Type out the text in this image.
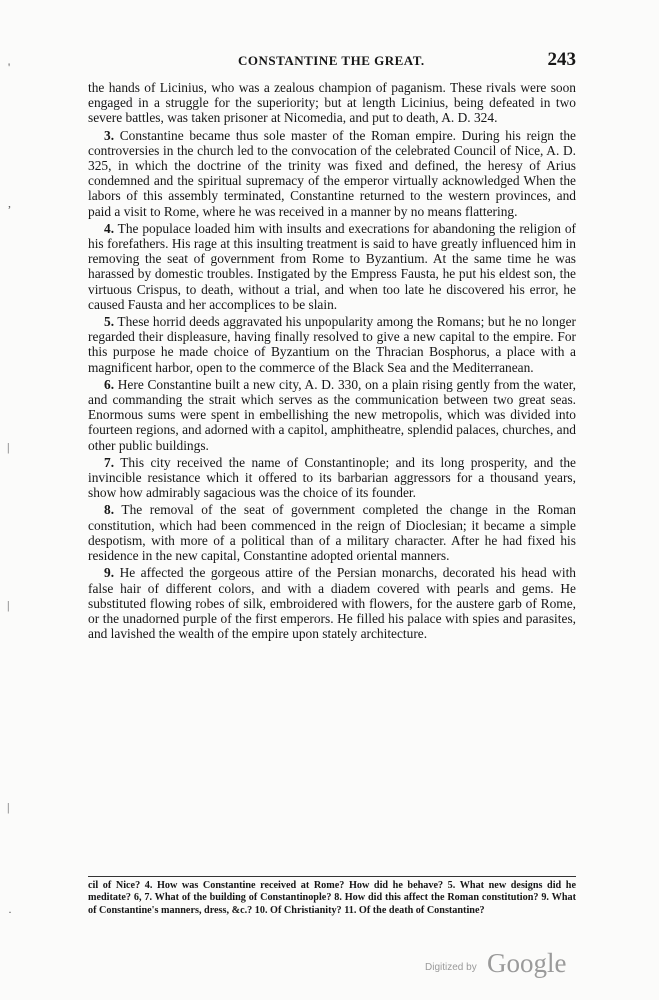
'
,
|
|
|
·
CONSTANTINE THE GREAT.	243

the hands of Licinius, who was a zealous champion of paganism. These rivals were soon engaged in a struggle for the superiority; but at length Licinius, being defeated in two severe battles, was taken prisoner at Nicomedia, and put to death, A. D. 324.

3. Constantine became thus sole master of the Roman empire. During his reign the controversies in the church led to the convocation of the celebrated Council of Nice, A. D. 325, in which the doctrine of the trinity was fixed and defined, the heresy of Arius condemned and the spiritual supremacy of the emperor virtually acknowledged When the labors of this assembly terminated, Constantine returned to the western provinces, and paid a visit to Rome, where he was received in a manner by no means flattering.

4. The populace loaded him with insults and execrations for abandoning the religion of his forefathers. His rage at this insulting treatment is said to have greatly influenced him in removing the seat of government from Rome to Byzantium. At the same time he was harassed by domestic troubles. Instigated by the Empress Fausta, he put his eldest son, the virtuous Crispus, to death, without a trial, and when too late he discovered his error, he caused Fausta and her accomplices to be slain.

5. These horrid deeds aggravated his unpopularity among the Romans; but he no longer regarded their displeasure, having finally resolved to give a new capital to the empire. For this purpose he made choice of Byzantium on the Thracian Bosphorus, a place with a magnificent harbor, open to the commerce of the Black Sea and the Mediterranean.

6. Here Constantine built a new city, A. D. 330, on a plain rising gently from the water, and commanding the strait which serves as the communication between two great seas. Enormous sums were spent in embellishing the new metropolis, which was divided into fourteen regions, and adorned with a capitol, amphitheatre, splendid palaces, churches, and other public buildings.

7. This city received the name of Constantinople; and its long prosperity, and the invincible resistance which it offered to its barbarian aggressors for a thousand years, show how admirably sagacious was the choice of its founder.

8. The removal of the seat of government completed the change in the Roman constitution, which had been commenced in the reign of Dioclesian; it became a simple despotism, with more of a political than of a military character. After he had fixed his residence in the new capital, Constantine adopted oriental manners.

9. He affected the gorgeous attire of the Persian monarchs, decorated his head with false hair of different colors, and with a diadem covered with pearls and gems. He substituted flowing robes of silk, embroidered with flowers, for the austere garb of Rome, or the unadorned purple of the first emperors. He filled his palace with spies and parasites, and lavished the wealth of the empire upon stately architecture.

cil of Nice? 4. How was Constantine received at Rome? How did he behave? 5. What new designs did he meditate? 6, 7. What of the building of Constantinople? 8. How did this affect the Roman constitution? 9. What of Constantine's manners, dress, &c.? 10. Of Christianity? 11. Of the death of Constantine?
Digitized by Google
